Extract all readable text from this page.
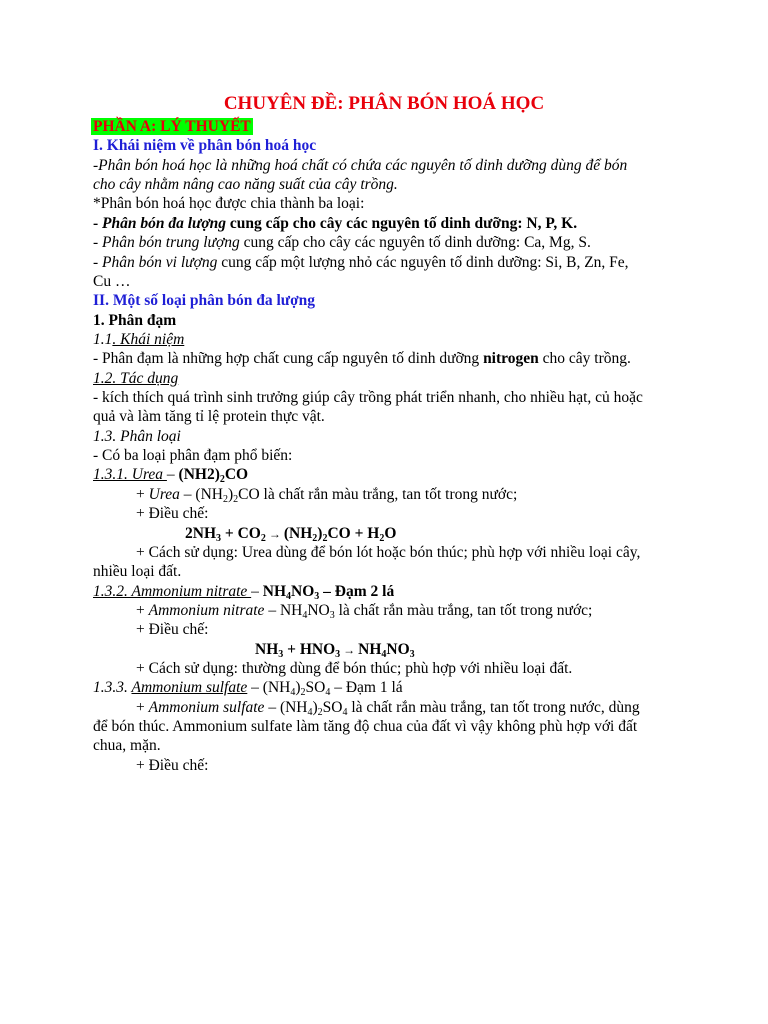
CHUYÊN ĐỀ: PHÂN BÓN HOÁ HỌC
PHẦN A: LÝ THUYẾT
I. Khái niệm về phân bón hoá học
-Phân bón hoá học là những hoá chất có chứa các nguyên tố dinh dưỡng dùng để bón
cho cây nhằm nâng cao năng suất của cây trồng.
*Phân bón hoá học được chia thành ba loại:
- Phân bón đa lượng cung cấp cho cây các nguyên tố dinh dưỡng: N, P, K.
- Phân bón trung lượng cung cấp cho cây các nguyên tố dinh dưỡng: Ca, Mg, S.
- Phân bón vi lượng cung cấp một lượng nhỏ các nguyên tố dinh dưỡng: Si, B, Zn, Fe,
Cu …
II. Một số loại phân bón đa lượng
1. Phân đạm
1.1. Khái niệm
- Phân đạm là những hợp chất cung cấp nguyên tố dinh dưỡng nitrogen cho cây trồng.
1.2. Tác dụng
- kích thích quá trình sinh trưởng giúp cây trồng phát triển nhanh, cho nhiều hạt, củ hoặc
quả và làm tăng tỉ lệ protein thực vật.
1.3. Phân loại
- Có ba loại phân đạm phổ biến:
1.3.1. Urea – $(NH2)_2CO$
+ Urea – $(NH_2)_2CO$ là chất rắn màu trắng, tan tốt trong nước;
+ Điều chế:
$2NH_3 + CO_2 \to (NH_2)_2CO + H_2O$
+ Cách sử dụng: Urea dùng để bón lót hoặc bón thúc; phù hợp với nhiều loại cây,
nhiều loại đất.
1.3.2. Ammonium nitrate – $NH_4NO_3$ – Đạm 2 lá
+ Ammonium nitrate – $NH_4NO_3$ là chất rắn màu trắng, tan tốt trong nước;
+ Điều chế:
$NH_3 + HNO_3 \to NH_4NO_3$
+ Cách sử dụng: thường dùng để bón thúc; phù hợp với nhiều loại đất.
1.3.3. Ammonium sulfate – $(NH_4)_2SO_4$ – Đạm 1 lá
+ Ammonium sulfate – $(NH_4)_2SO_4$ là chất rắn màu trắng, tan tốt trong nước, dùng
để bón thúc. Ammonium sulfate làm tăng độ chua của đất vì vậy không phù hợp với đất
chua, mặn.
+ Điều chế:
